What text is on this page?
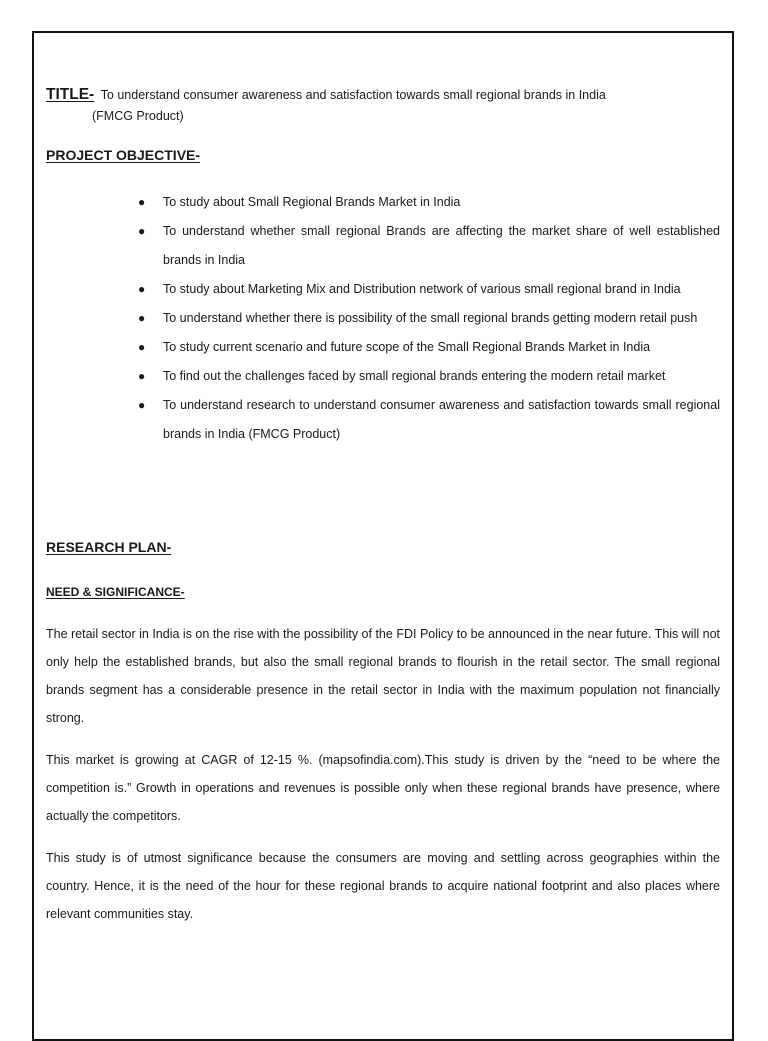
TITLE- To understand consumer awareness and satisfaction towards small regional brands in India
(FMCG Product)
PROJECT OBJECTIVE-
● To study about Small Regional Brands Market in India
● To understand whether small regional Brands are affecting the market share of well established brands in India
● To study about Marketing Mix and Distribution network of various small regional brand in India
● To understand whether there is possibility of the small regional brands getting modern retail push
● To study current scenario and future scope of the Small Regional Brands Market in India
● To find out the challenges faced by small regional brands entering the modern retail market
● To understand research to understand consumer awareness and satisfaction towards small regional brands in India (FMCG Product)
RESEARCH PLAN-
NEED & SIGNIFICANCE-

The retail sector in India is on the rise with the possibility of the FDI Policy to be announced in the near future. This will not only help the established brands, but also the small regional brands to flourish in the retail sector. The small regional brands segment has a considerable presence in the retail sector in India with the maximum population not financially strong.

This market is growing at CAGR of 12-15 %. (mapsofindia.com).This study is driven by the “need to be where the competition is.” Growth in operations and revenues is possible only when these regional brands have presence, where actually the competitors.

This study is of utmost significance because the consumers are moving and settling across geographies within the country. Hence, it is the need of the hour for these regional brands to acquire national footprint and also places where relevant communities stay.
